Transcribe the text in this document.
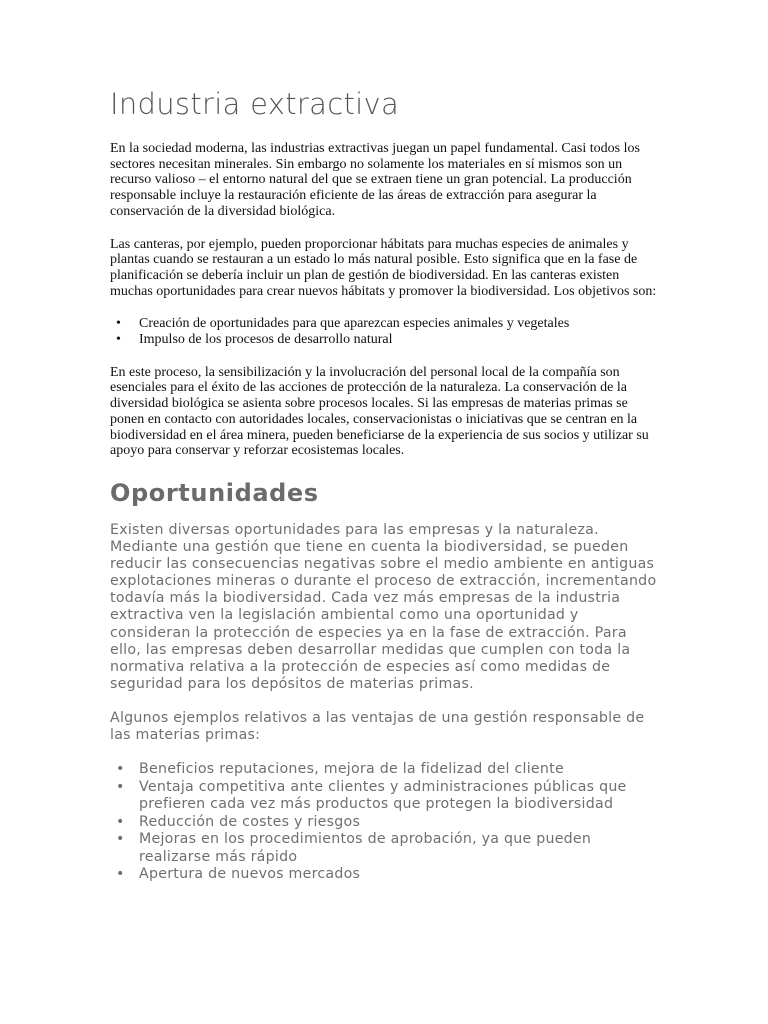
Industria extractiva

En la sociedad moderna, las industrias extractivas juegan un papel fundamental. Casi todos los sectores necesitan minerales. Sin embargo no solamente los materiales en sí mismos son un recurso valioso – el entorno natural del que se extraen tiene un gran potencial. La producción responsable incluye la restauración eficiente de las áreas de extracción para asegurar la conservación de la diversidad biológica.

Las canteras, por ejemplo, pueden proporcionar hábitats para muchas especies de animales y plantas cuando se restauran a un estado lo más natural posible. Esto significa que en la fase de planificación se debería incluir un plan de gestión de biodiversidad. En las canteras existen muchas oportunidades para crear nuevos hábitats y promover la biodiversidad. Los objetivos son:

• Creación de oportunidades para que aparezcan especies animales y vegetales
• Impulso de los procesos de desarrollo natural

En este proceso, la sensibilización y la involucración del personal local de la compañía son esenciales para el éxito de las acciones de protección de la naturaleza. La conservación de la diversidad biológica se asienta sobre procesos locales. Si las empresas de materias primas se ponen en contacto con autoridades locales, conservacionistas o iniciativas que se centran en la biodiversidad en el área minera, pueden beneficiarse de la experiencia de sus socios y utilizar su apoyo para conservar y reforzar ecosistemas locales.

Oportunidades

Existen diversas oportunidades para las empresas y la naturaleza. Mediante una gestión que tiene en cuenta la biodiversidad, se pueden reducir las consecuencias negativas sobre el medio ambiente en antiguas explotaciones mineras o durante el proceso de extracción, incrementando todavía más la biodiversidad. Cada vez más empresas de la industria extractiva ven la legislación ambiental como una oportunidad y consideran la protección de especies ya en la fase de extracción. Para ello, las empresas deben desarrollar medidas que cumplen con toda la normativa relativa a la protección de especies así como medidas de seguridad para los depósitos de materias primas.

Algunos ejemplos relativos a las ventajas de una gestión responsable de las materias primas:

• Beneficios reputaciones, mejora de la fidelizad del cliente
• Ventaja competitiva ante clientes y administraciones públicas que prefieren cada vez más productos que protegen la biodiversidad
• Reducción de costes y riesgos
• Mejoras en los procedimientos de aprobación, ya que pueden realizarse más rápido
• Apertura de nuevos mercados
